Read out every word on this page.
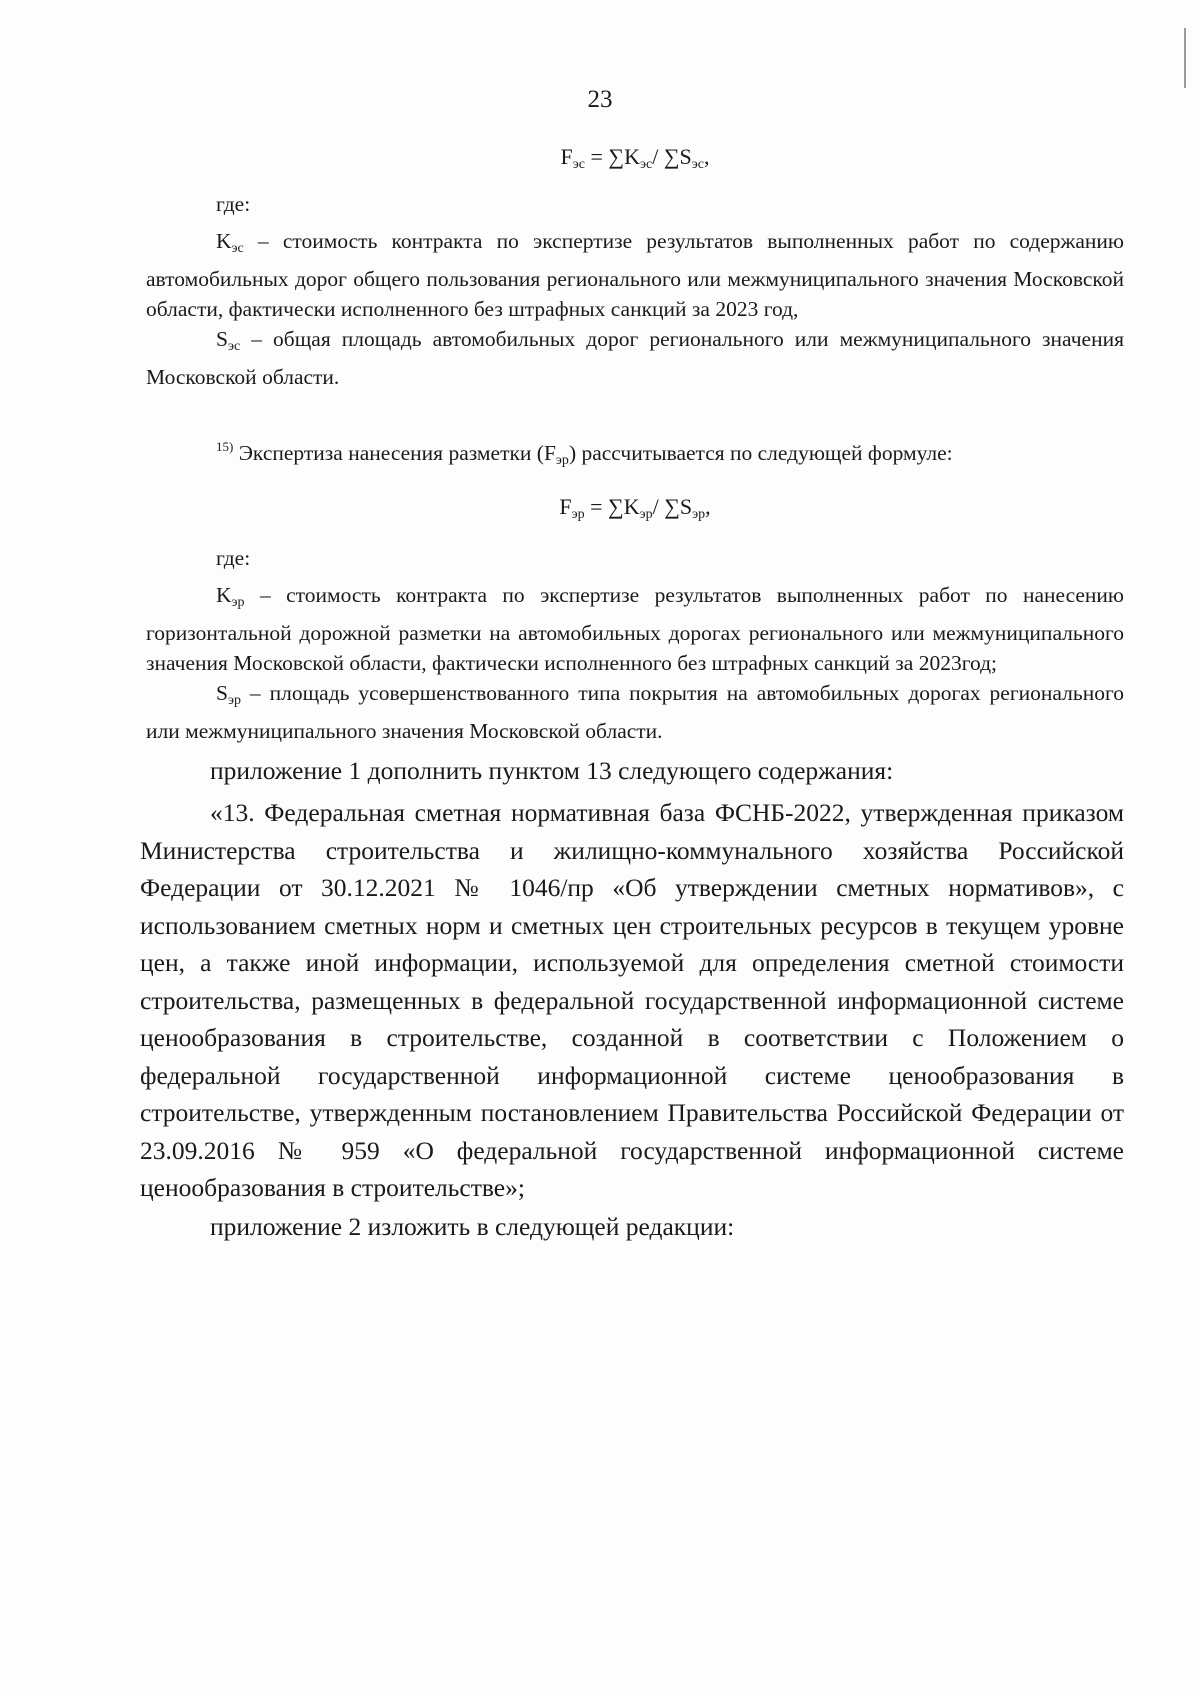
23
$F_{эс} = \sum K_{эс}/$ $\sum S_{эс}$,
где:

$K_{эс}$ – стоимость контракта по экспертизе результатов выполненных работ по содержанию автомобильных дорог общего пользования регионального или межмуниципального значения Московской области, фактически исполненного без штрафных санкций за 2023 год,

$S_{эс}$ – общая площадь автомобильных дорог регионального или межмуниципального значения Московской области.

$^{15)}$ Экспертиза нанесения разметки $(F_{эр})$ рассчитывается по следующей формуле:

$F_{эр} = \sum K_{эр}/$ $\sum S_{эр}$,
где:

$K_{эр}$ – стоимость контракта по экспертизе результатов выполненных работ по нанесению горизонтальной дорожной разметки на автомобильных дорогах регионального или межмуниципального значения Московской области, фактически исполненного без штрафных санкций за 2023год;

$S_{эр}$ – площадь усовершенствованного типа покрытия на автомобильных дорогах регионального или межмуниципального значения Московской области.

приложение 1 дополнить пунктом 13 следующего содержания:

«13. Федеральная сметная нормативная база ФСНБ-2022, утвержденная приказом Министерства строительства и жилищно-коммунального хозяйства Российской Федерации от 30.12.2021 № 1046/пр «Об утверждении сметных нормативов», с использованием сметных норм и сметных цен строительных ресурсов в текущем уровне цен, а также иной информации, используемой для определения сметной стоимости строительства, размещенных в федеральной государственной информационной системе ценообразования в строительстве, созданной в соответствии с Положением о федеральной государственной информационной системе ценообразования в строительстве, утвержденным постановлением Правительства Российской Федерации от 23.09.2016 № 959 «О федеральной государственной информационной системе ценообразования в строительстве»;

приложение 2 изложить в следующей редакции:
